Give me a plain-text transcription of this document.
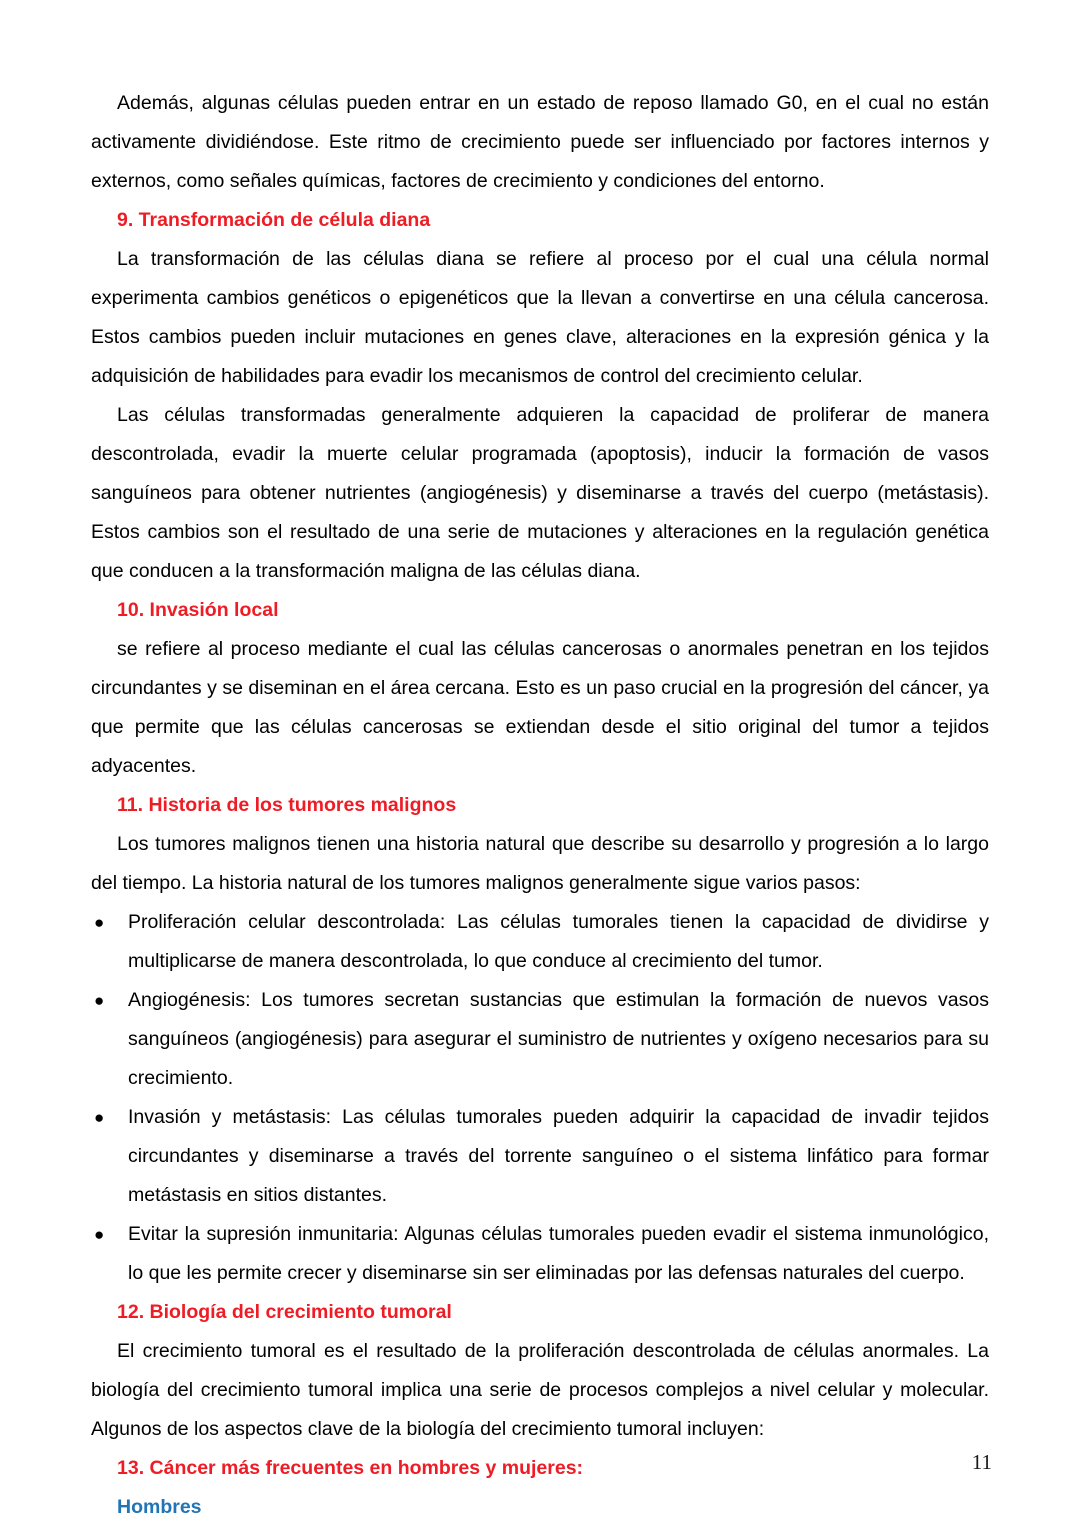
Además, algunas células pueden entrar en un estado de reposo llamado G0, en el cual no están activamente dividiéndose. Este ritmo de crecimiento puede ser influenciado por factores internos y externos, como señales químicas, factores de crecimiento y condiciones del entorno.

9. Transformación de célula diana

La transformación de las células diana se refiere al proceso por el cual una célula normal experimenta cambios genéticos o epigenéticos que la llevan a convertirse en una célula cancerosa. Estos cambios pueden incluir mutaciones en genes clave, alteraciones en la expresión génica y la adquisición de habilidades para evadir los mecanismos de control del crecimiento celular.

Las células transformadas generalmente adquieren la capacidad de proliferar de manera descontrolada, evadir la muerte celular programada (apoptosis), inducir la formación de vasos sanguíneos para obtener nutrientes (angiogénesis) y diseminarse a través del cuerpo (metástasis). Estos cambios son el resultado de una serie de mutaciones y alteraciones en la regulación genética que conducen a la transformación maligna de las células diana.

10. Invasión local

se refiere al proceso mediante el cual las células cancerosas o anormales penetran en los tejidos circundantes y se diseminan en el área cercana. Esto es un paso crucial en la progresión del cáncer, ya que permite que las células cancerosas se extiendan desde el sitio original del tumor a tejidos adyacentes.

11. Historia de los tumores malignos

Los tumores malignos tienen una historia natural que describe su desarrollo y progresión a lo largo del tiempo. La historia natural de los tumores malignos generalmente sigue varios pasos:

●	Proliferación celular descontrolada: Las células tumorales tienen la capacidad de dividirse y multiplicarse de manera descontrolada, lo que conduce al crecimiento del tumor.
●	Angiogénesis: Los tumores secretan sustancias que estimulan la formación de nuevos vasos sanguíneos (angiogénesis) para asegurar el suministro de nutrientes y oxígeno necesarios para su crecimiento.
●	Invasión y metástasis: Las células tumorales pueden adquirir la capacidad de invadir tejidos circundantes y diseminarse a través del torrente sanguíneo o el sistema linfático para formar metástasis en sitios distantes.
●	Evitar la supresión inmunitaria: Algunas células tumorales pueden evadir el sistema inmunológico, lo que les permite crecer y diseminarse sin ser eliminadas por las defensas naturales del cuerpo.

12. Biología del crecimiento tumoral

El crecimiento tumoral es el resultado de la proliferación descontrolada de células anormales. La biología del crecimiento tumoral implica una serie de procesos complejos a nivel celular y molecular. Algunos de los aspectos clave de la biología del crecimiento tumoral incluyen:

13. Cáncer más frecuentes en hombres y mujeres:

Hombres

11
